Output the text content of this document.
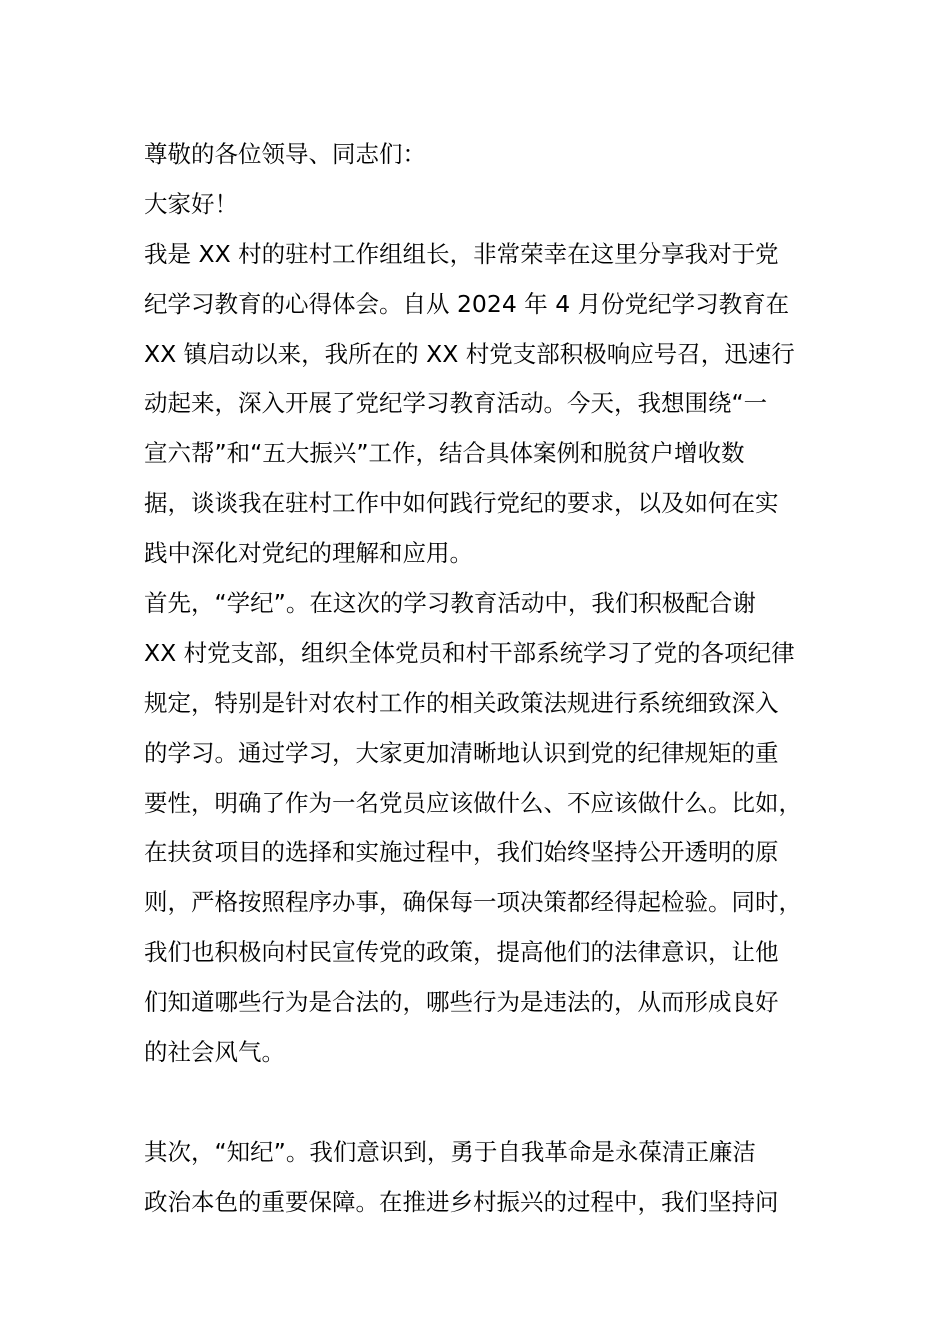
尊敬的各位领导、同志们：
大家好！
我是 XX 村的驻村工作组组长，非常荣幸在这里分享我对于党
纪学习教育的心得体会。自从 2024 年 4 月份党纪学习教育在
XX 镇启动以来，我所在的 XX 村党支部积极响应号召，迅速行
动起来，深入开展了党纪学习教育活动。今天，我想围绕“一
宣六帮”和“五大振兴”工作，结合具体案例和脱贫户增收数
据，谈谈我在驻村工作中如何践行党纪的要求，以及如何在实
践中深化对党纪的理解和应用。
首先，“学纪”。在这次的学习教育活动中，我们积极配合谢
XX 村党支部，组织全体党员和村干部系统学习了党的各项纪律
规定，特别是针对农村工作的相关政策法规进行系统细致深入
的学习。通过学习，大家更加清晰地认识到党的纪律规矩的重
要性，明确了作为一名党员应该做什么、不应该做什么。比如，
在扶贫项目的选择和实施过程中，我们始终坚持公开透明的原
则，严格按照程序办事，确保每一项决策都经得起检验。同时，
我们也积极向村民宣传党的政策，提高他们的法律意识，让他
们知道哪些行为是合法的，哪些行为是违法的，从而形成良好
的社会风气。
其次，“知纪”。我们意识到，勇于自我革命是永葆清正廉洁
政治本色的重要保障。在推进乡村振兴的过程中，我们坚持问
